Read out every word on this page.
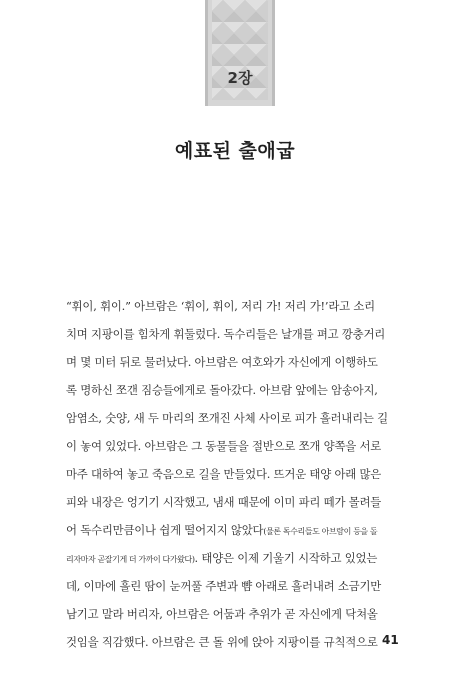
2장
예표된 출애굽
“휘이, 휘이.” 아브람은 ‘휘이, 휘이, 저리 가! 저리 가!’라고 소리
치며 지팡이를 힘차게 휘둘렀다. 독수리들은 날개를 펴고 깡충거리
며 몇 미터 뒤로 물러났다. 아브람은 여호와가 자신에게 이행하도
록 명하신 쪼갠 짐승들에게로 돌아갔다. 아브람 앞에는 암송아지,
암염소, 숫양, 새 두 마리의 쪼개진 사체 사이로 피가 흘러내리는 길
이 놓여 있었다. 아브람은 그 동물들을 절반으로 쪼개 양쪽을 서로
마주 대하여 놓고 죽음으로 길을 만들었다. 뜨거운 태양 아래 많은
피와 내장은 엉기기 시작했고, 냄새 때문에 이미 파리 떼가 몰려들
어 독수리만큼이나 쉽게 떨어지지 않았다(물론 독수리들도 아브람이 등을 돌
리자마자 곧잘기게 더 가까이 다가왔다). 태양은 이제 기울기 시작하고 있었는
데, 이마에 흘린 땀이 눈꺼풀 주변과 뺨 아래로 흘러내려 소금기만
남기고 말라 버리자, 아브람은 어둠과 추위가 곧 자신에게 닥쳐올
것임을 직감했다. 아브람은 큰 돌 위에 앉아 지팡이를 규칙적으로 41
